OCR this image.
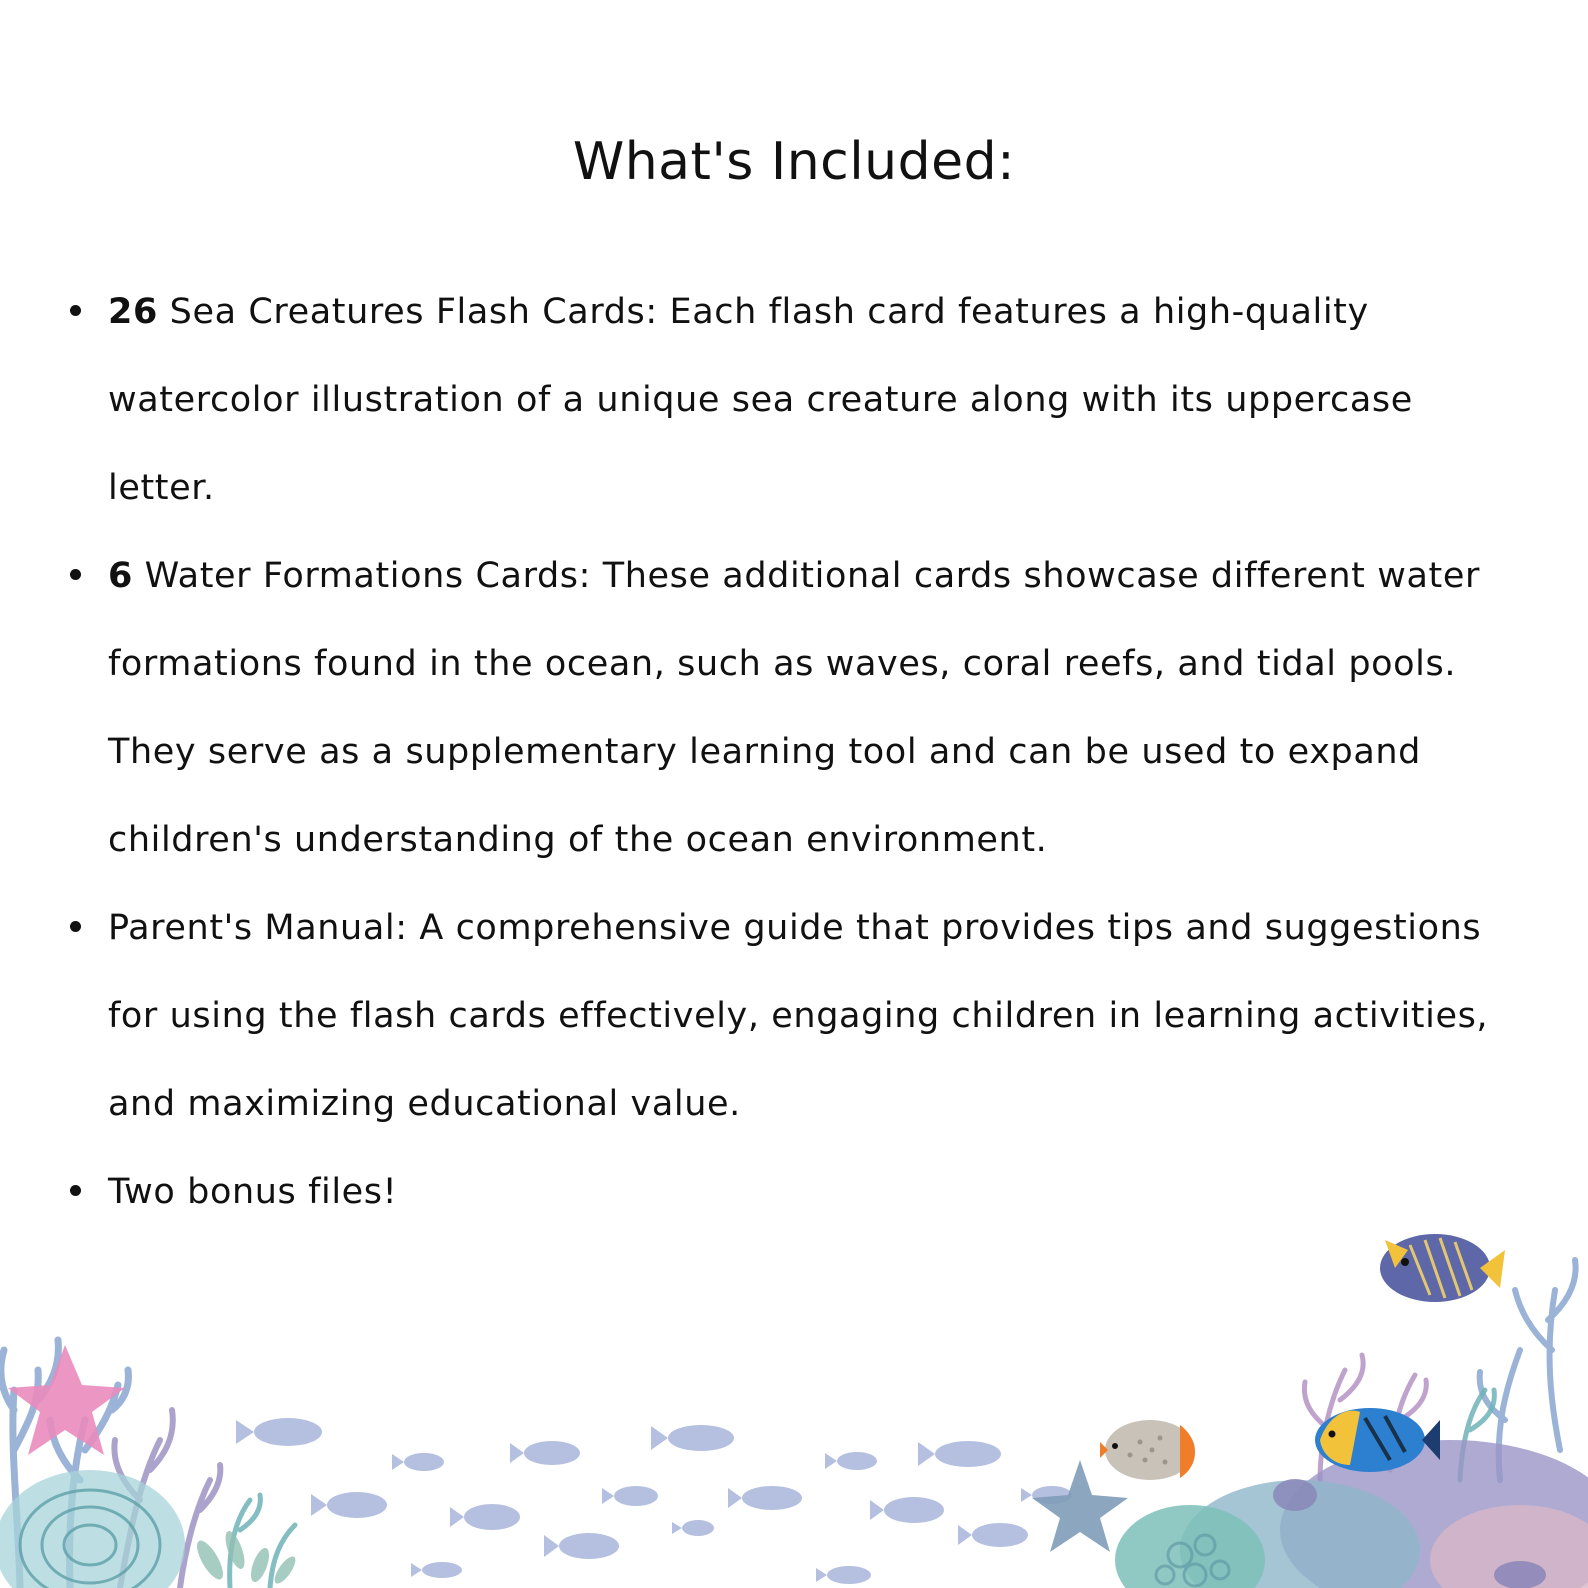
What's Included:
26 Sea Creatures Flash Cards: Each flash card features a high-quality watercolor illustration of a unique sea creature along with its uppercase letter.
6 Water Formations Cards: These additional cards showcase different water formations found in the ocean, such as waves, coral reefs, and tidal pools. They serve as a supplementary learning tool and can be used to expand children's understanding of the ocean environment.
Parent's Manual: A comprehensive guide that provides tips and suggestions for using the flash cards effectively, engaging children in learning activities, and maximizing educational value.
Two bonus files!
